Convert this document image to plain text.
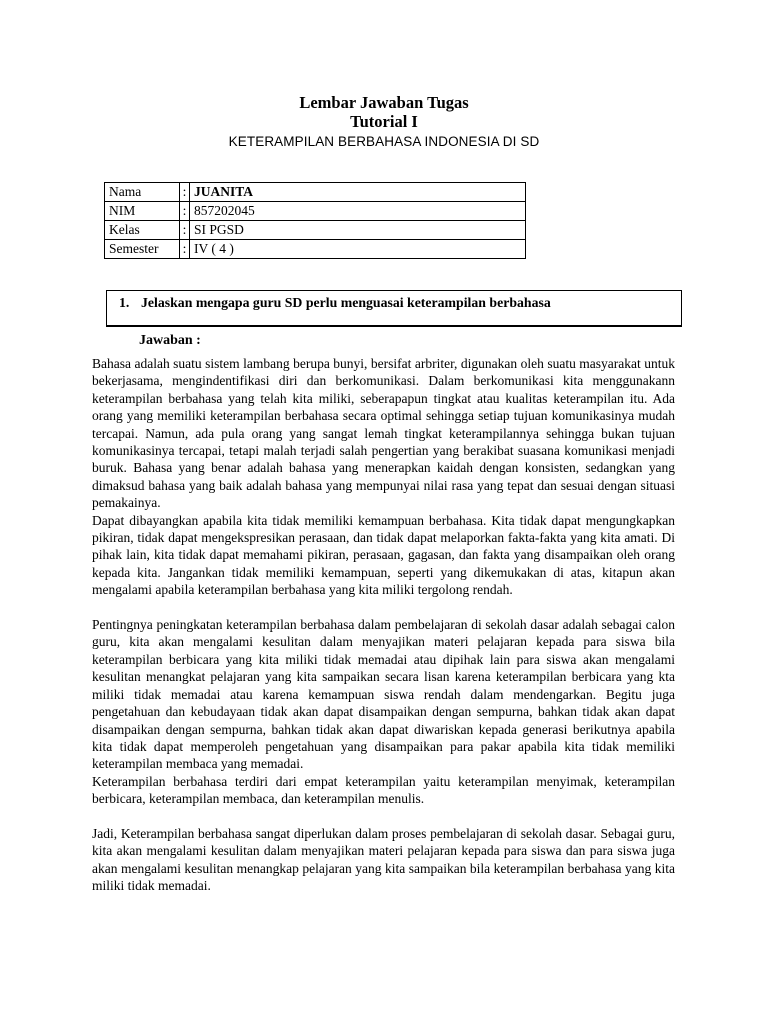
Lembar Jawaban Tugas
Tutorial I
KETERAMPILAN BERBAHASA INDONESIA DI SD
Nama	:	JUANITA
NIM	:	857202045
Kelas	:	SI PGSD
Semester	:	IV ( 4 )
1. Jelaskan mengapa guru SD perlu menguasai keterampilan berbahasa
Jawaban :

Bahasa adalah suatu sistem lambang berupa bunyi, bersifat arbriter, digunakan oleh suatu masyarakat untuk bekerjasama, mengindentifikasi diri dan berkomunikasi. Dalam berkomunikasi kita menggunakann keterampilan berbahasa yang telah kita miliki, seberapapun tingkat atau kualitas keterampilan itu. Ada orang yang memiliki keterampilan berbahasa secara optimal sehingga setiap tujuan komunikasinya mudah tercapai. Namun, ada pula orang yang sangat lemah tingkat keterampilannya sehingga bukan tujuan komunikasinya tercapai, tetapi malah terjadi salah pengertian yang berakibat suasana komunikasi menjadi buruk. Bahasa yang benar adalah bahasa yang menerapkan kaidah dengan konsisten, sedangkan yang dimaksud bahasa yang baik adalah bahasa yang mempunyai nilai rasa yang tepat dan sesuai dengan situasi pemakainya.

Dapat dibayangkan apabila kita tidak memiliki kemampuan berbahasa. Kita tidak dapat mengungkapkan pikiran, tidak dapat mengekspresikan perasaan, dan tidak dapat melaporkan fakta-fakta yang kita amati. Di pihak lain, kita tidak dapat memahami pikiran, perasaan, gagasan, dan fakta yang disampaikan oleh orang kepada kita. Jangankan tidak memiliki kemampuan, seperti yang dikemukakan di atas, kitapun akan mengalami apabila keterampilan berbahasa yang kita miliki tergolong rendah.

Pentingnya peningkatan keterampilan berbahasa dalam pembelajaran di sekolah dasar adalah sebagai calon guru, kita akan mengalami kesulitan dalam menyajikan materi pelajaran kepada para siswa bila keterampilan berbicara yang kita miliki tidak memadai atau dipihak lain para siswa akan mengalami kesulitan menangkat pelajaran yang kita sampaikan secara lisan karena keterampilan berbicara yang kta miliki tidak memadai atau karena kemampuan siswa rendah dalam mendengarkan. Begitu juga pengetahuan dan kebudayaan tidak akan dapat disampaikan dengan sempurna, bahkan tidak akan dapat disampaikan dengan sempurna, bahkan tidak akan dapat diwariskan kepada generasi berikutnya apabila kita tidak dapat memperoleh pengetahuan yang disampaikan para pakar apabila kita tidak memiliki keterampilan membaca yang memadai.

Keterampilan berbahasa terdiri dari empat keterampilan yaitu keterampilan menyimak, keterampilan berbicara, keterampilan membaca, dan keterampilan menulis.

Jadi, Keterampilan berbahasa sangat diperlukan dalam proses pembelajaran di sekolah dasar. Sebagai guru, kita akan mengalami kesulitan dalam menyajikan materi pelajaran kepada para siswa dan para siswa juga akan mengalami kesulitan menangkap pelajaran yang kita sampaikan bila keterampilan berbahasa yang kita miliki tidak memadai.
